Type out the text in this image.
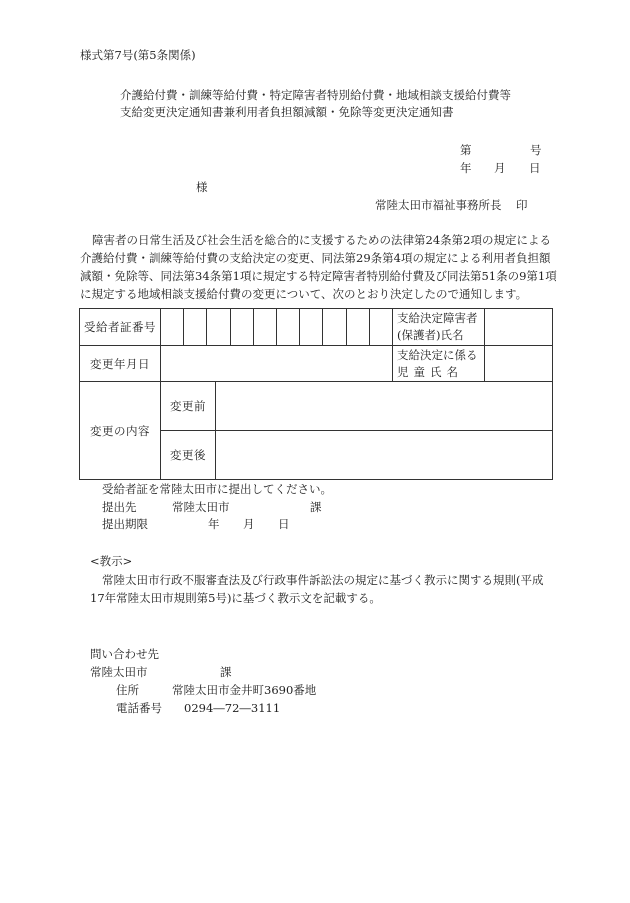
様式第7号(第5条関係)
介護給付費・訓練等給付費・特定障害者特別給付費・地域相談支援給付費等
支給変更決定通知書兼利用者負担額減額・免除等変更決定通知書
第	号
年 月 日
様
常陸太田市福祉事務所長 印
障害者の日常生活及び社会生活を総合的に支援するための法律第24条第2項の規定による
介護給付費・訓練等給付費の支給決定の変更、同法第29条第4項の規定による利用者負担額
減額・免除等、同法第34条第1項に規定する特定障害者特別給付費及び同法第51条の9第1項
に規定する地域相談支援給付費の変更について、次のとおり決定したので通知します。
受給者証番号			支給決定障害者
(保護者)氏名	

変更年月日			支給決定に係る
児童氏名	

変更の内容	変更前			
	変更後			
受給者証を常陸太田市に提出してください。
提出先	常陸太田市	課
提出期限	年 月 日
<教示>
常陸太田市行政不服審査法及び行政事件訴訟法の規定に基づく教示に関する規則(平成
17年常陸太田市規則第5号)に基づく教示文を記載する。
問い合わせ先
常陸太田市	課
住所	常陸太田市金井町3690番地
電話番号 0294―72―3111
